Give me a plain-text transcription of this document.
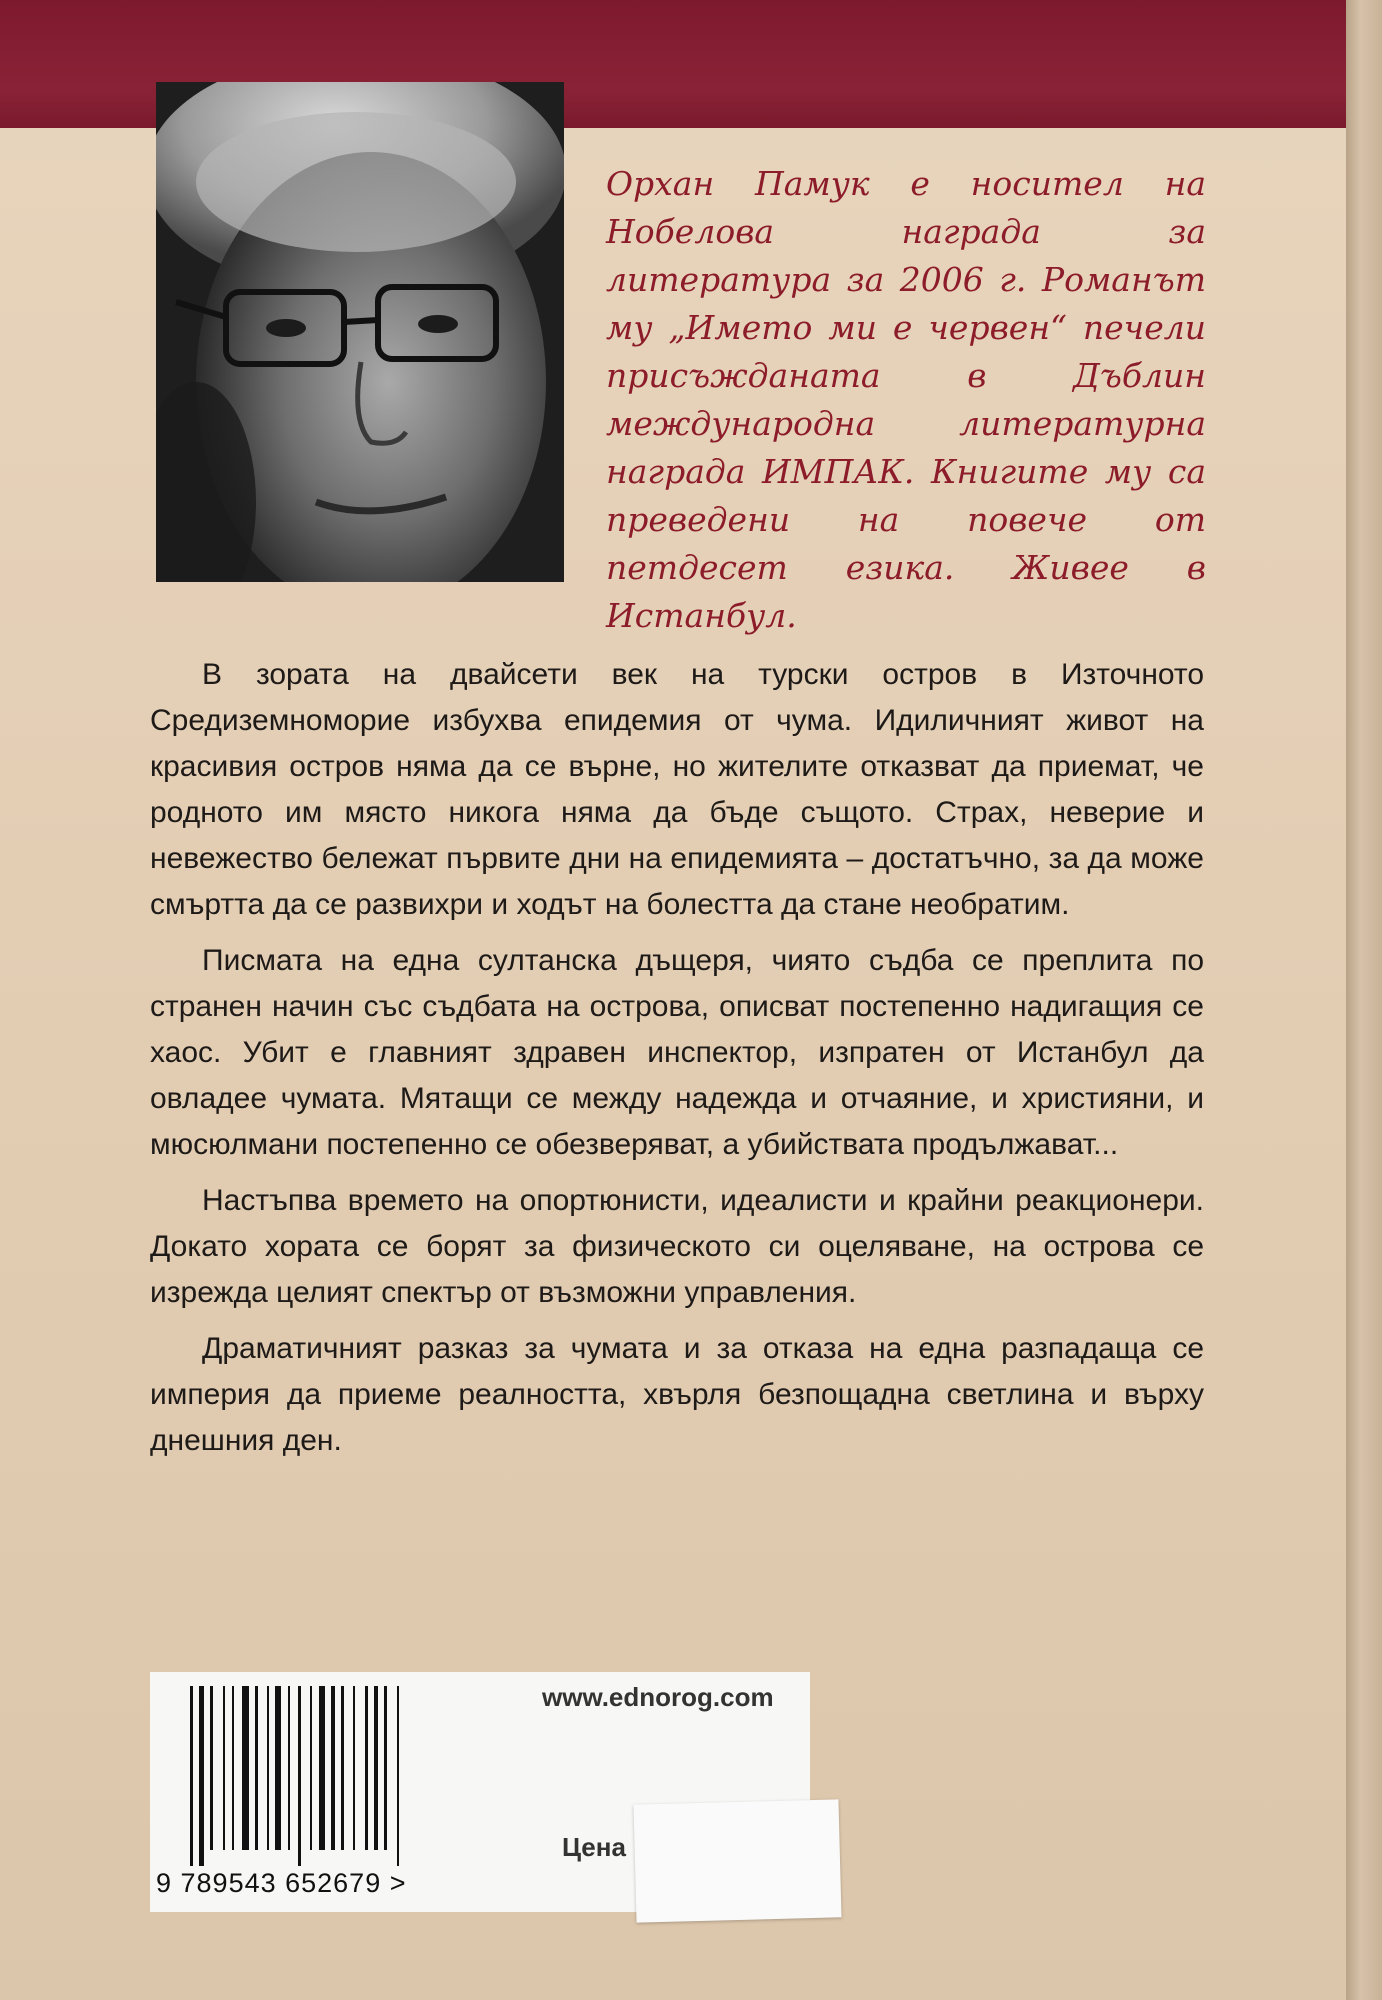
Орхан Памук е носител на Нобелова награда за литература за 2006 г. Романът му „Името ми е червен“ печели присъжданата в Дъблин международна литературна награда ИМПАК. Книгите му са преведени на повече от петдесет езика. Живее в Истанбул.

В зората на двайсети век на турски остров в Източното Средиземноморие избухва епидемия от чума. Идиличният живот на красивия остров няма да се върне, но жителите отказват да приемат, че родното им място никога няма да бъде същото. Страх, неверие и невежество бележат първите дни на епидемията – достатъчно, за да може смъртта да се развихри и ходът на болестта да стане необратим.

Писмата на една султанска дъщеря, чиято съдба се преплита по странен начин със съдбата на острова, описват постепенно надигащия се хаос. Убит е главният здравен инспектор, изпратен от Истанбул да овладее чумата. Мятащи се между надежда и отчаяние, и християни, и мюсюлмани постепенно се обезверяват, а убийствата продължават...

Настъпва времето на опортюнисти, идеалисти и крайни реакционери. Докато хората се борят за физическото си оцеляване, на острова се изрежда целият спектър от възможни управления.

Драматичният разказ за чумата и за отказа на една разпадаща се империя да приеме реалността, хвърля безпощадна светлина и върху днешния ден.

9 789543 652679 >
www.ednorog.com
Цена
